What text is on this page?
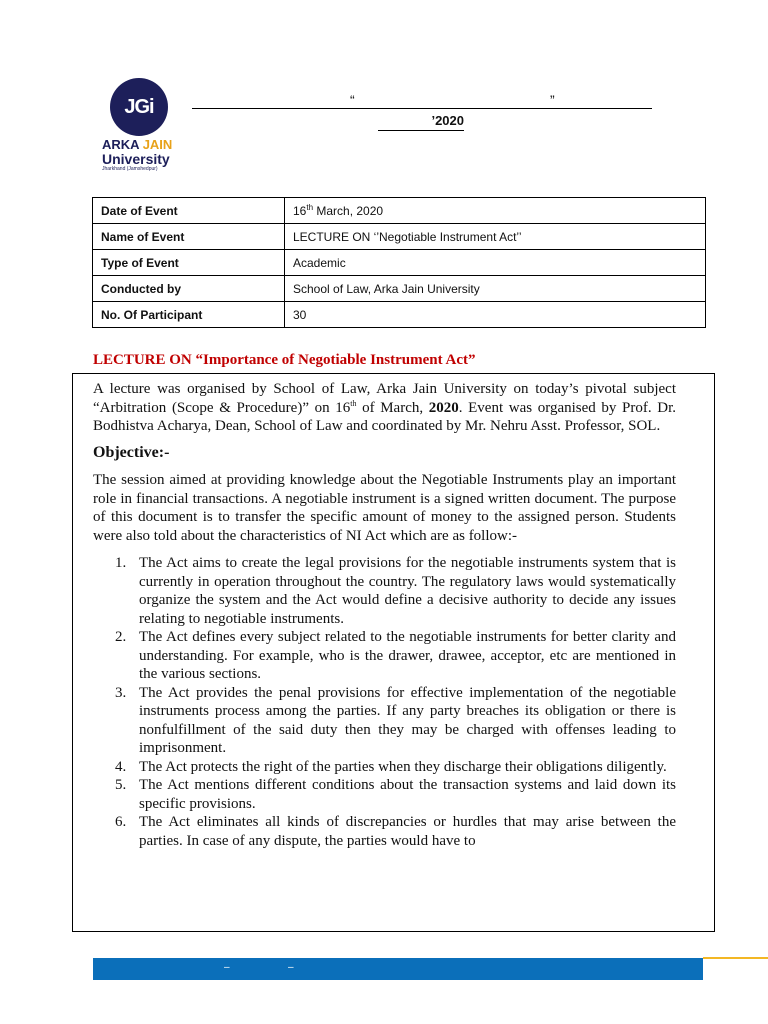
JGi
ARKA JAIN
University
Jharkhand (Jamshedpur)
“	”
’2020
Date of Event	16th March, 2020
Name of Event	LECTURE ON ‘’Negotiable Instrument Act’’
Type of Event	Academic
Conducted by	School of Law, Arka Jain University
No. Of Participant	30
LECTURE ON “Importance of Negotiable Instrument Act”

A lecture was organised by School of Law, Arka Jain University on today’s pivotal subject “Arbitration (Scope & Procedure)” on 16th of March, 2020. Event was organised by Prof. Dr. Bodhistva Acharya, Dean, School of Law and coordinated by Mr. Nehru Asst. Professor, SOL.

Objective:-

The session aimed at providing knowledge about the Negotiable Instruments play an important role in financial transactions. A negotiable instrument is a signed written document. The purpose of this document is to transfer the specific amount of money to the assigned person. Students were also told about the characteristics of NI Act which are as follow:-

1. The Act aims to create the legal provisions for the negotiable instruments system that is currently in operation throughout the country. The regulatory laws would systematically organize the system and the Act would define a decisive authority to decide any issues relating to negotiable instruments.
2. The Act defines every subject related to the negotiable instruments for better clarity and understanding. For example, who is the drawer, drawee, acceptor, etc are mentioned in the various sections.
3. The Act provides the penal provisions for effective implementation of the negotiable instruments process among the parties. If any party breaches its obligation or there is nonfulfillment of the said duty then they may be charged with offenses leading to imprisonment.
4. The Act protects the right of the parties when they discharge their obligations diligently.
5. The Act mentions different conditions about the transaction systems and laid down its specific provisions.
6. The Act eliminates all kinds of discrepancies or hurdles that may arise between the parties. In case of any dispute, the parties would have to
–	–
